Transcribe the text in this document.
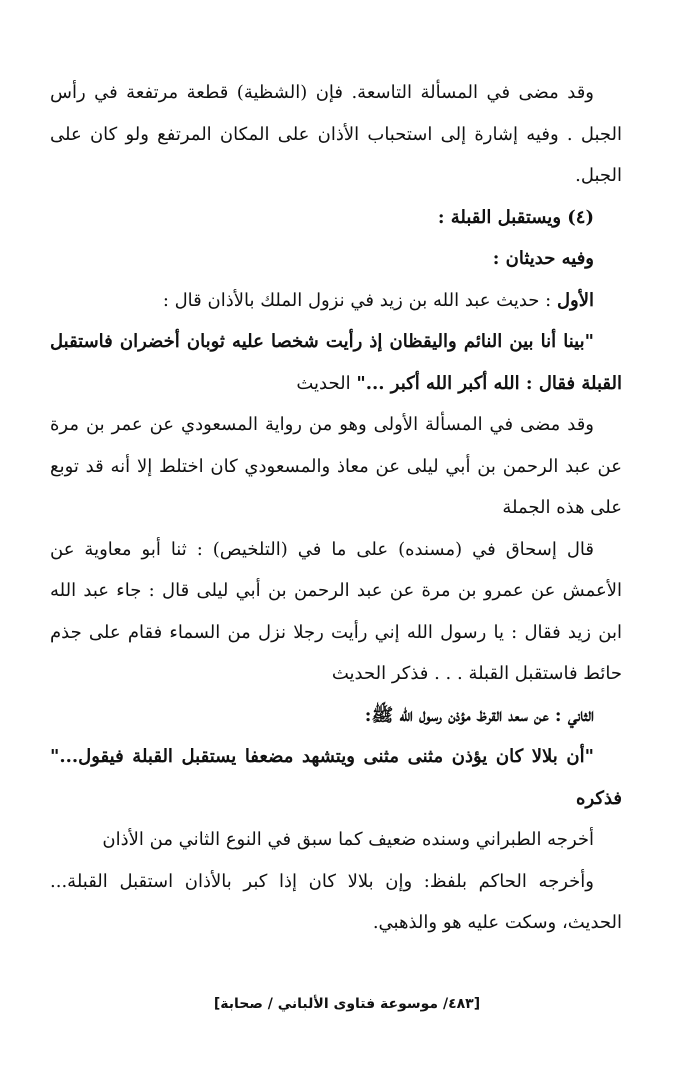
وقد مضى في المسألة التاسعة. فإن (الشظية) قطعة مرتفعة في رأس الجبل . وفيه إشارة إلى استحباب الأذان على المكان المرتفع ولو كان على الجبل.

(٤) ويستقبل القبلة :

وفيه حديثان :

الأول : حديث عبد الله بن زيد في نزول الملك بالأذان قال :

"بينا أنا بين النائم واليقظان إذ رأيت شخصا عليه ثوبان أخضران فاستقبل القبلة فقال : الله أكبر الله أكبر ..." الحديث

وقد مضى في المسألة الأولى وهو من رواية المسعودي عن عمر بن مرة عن عبد الرحمن بن أبي ليلى عن معاذ والمسعودي كان اختلط إلا أنه قد توبع على هذه الجملة

قال إسحاق في (مسنده) على ما في (التلخيص) : ثنا أبو معاوية عن الأعمش عن عمرو بن مرة عن عبد الرحمن بن أبي ليلى قال : جاء عبد الله ابن زيد فقال : يا رسول الله إني رأيت رجلا نزل من السماء فقام على جذم حائط فاستقبل القبلة . . . فذكر الحديث

الثاني : عن سعد القرظ مؤذن رسول الله ﷺ:

"أن بلالا كان يؤذن مثنى مثنى ويتشهد مضعفا يستقبل القبلة فيقول..." فذكره

أخرجه الطبراني وسنده ضعيف كما سبق في النوع الثاني من الأذان

وأخرجه الحاكم بلفظ: وإن بلالا كان إذا كبر بالأذان استقبل القبلة... الحديث، وسكت عليه هو والذهبي.

[٤٨٣/ موسوعة فتاوى الألباني / صحابة]
